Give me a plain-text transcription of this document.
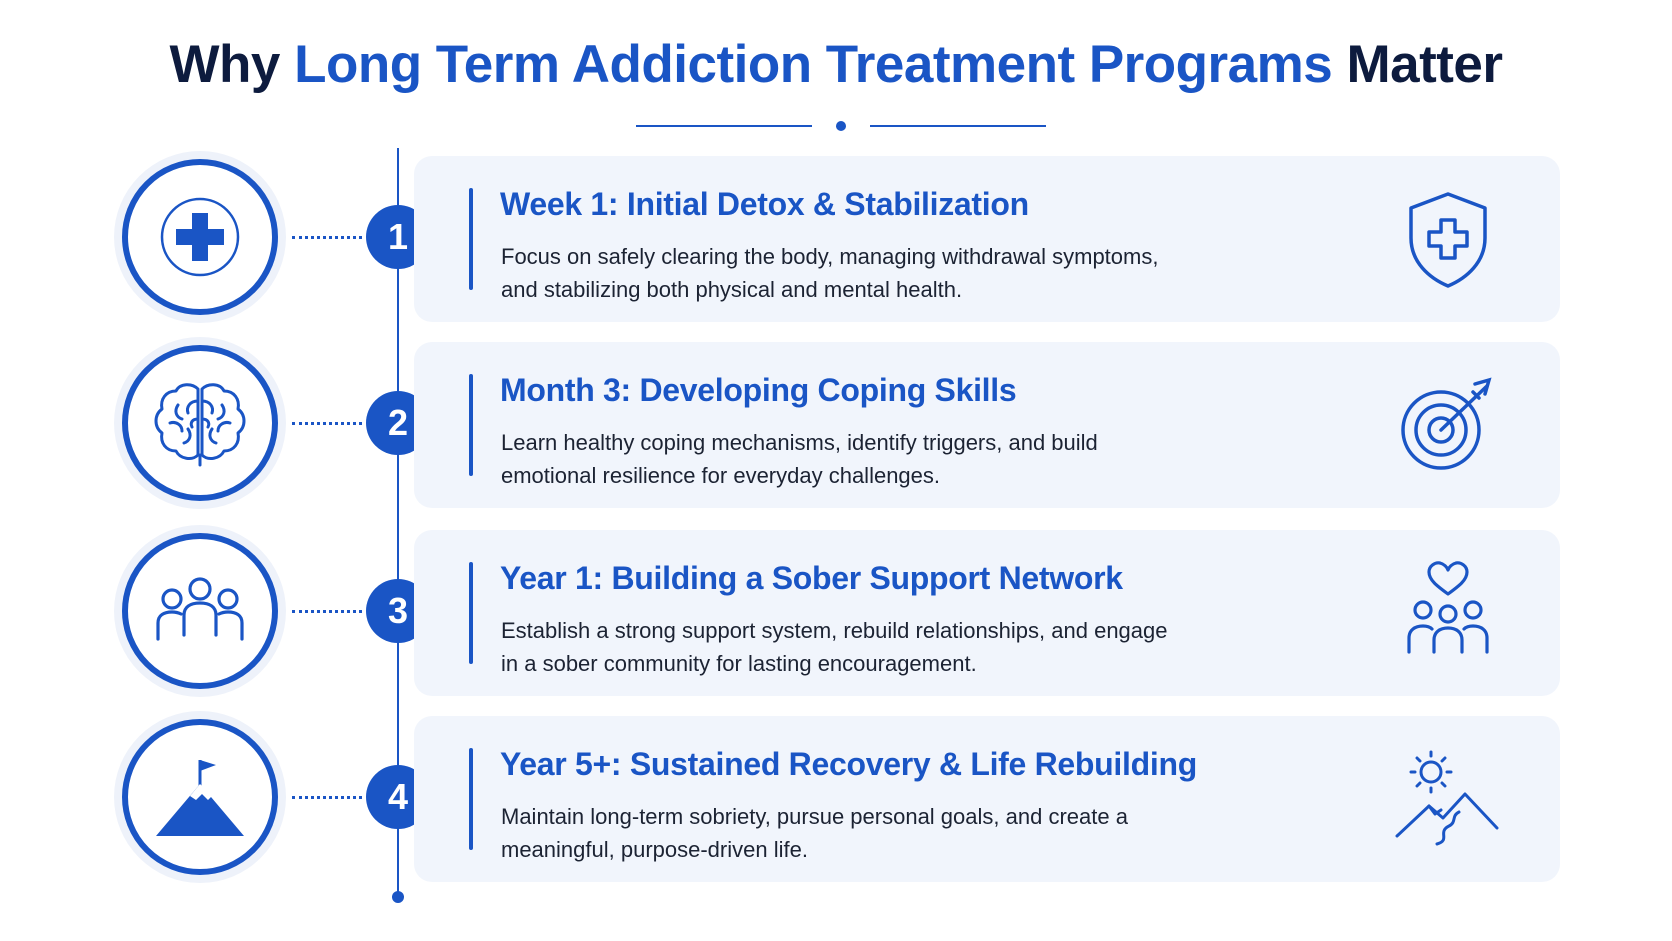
Why Long Term Addiction Treatment Programs Matter
1
Week 1: Initial Detox & Stabilization
Focus on safely clearing the body, managing withdrawal symptoms, and stabilizing both physical and mental health.
2
Month 3: Developing Coping Skills
Learn healthy coping mechanisms, identify triggers, and build emotional resilience for everyday challenges.
3
Year 1: Building a Sober Support Network
Establish a strong support system, rebuild relationships, and engage in a sober community for lasting encouragement.
4
Year 5+: Sustained Recovery & Life Rebuilding
Maintain long-term sobriety, pursue personal goals, and create a meaningful, purpose-driven life.
